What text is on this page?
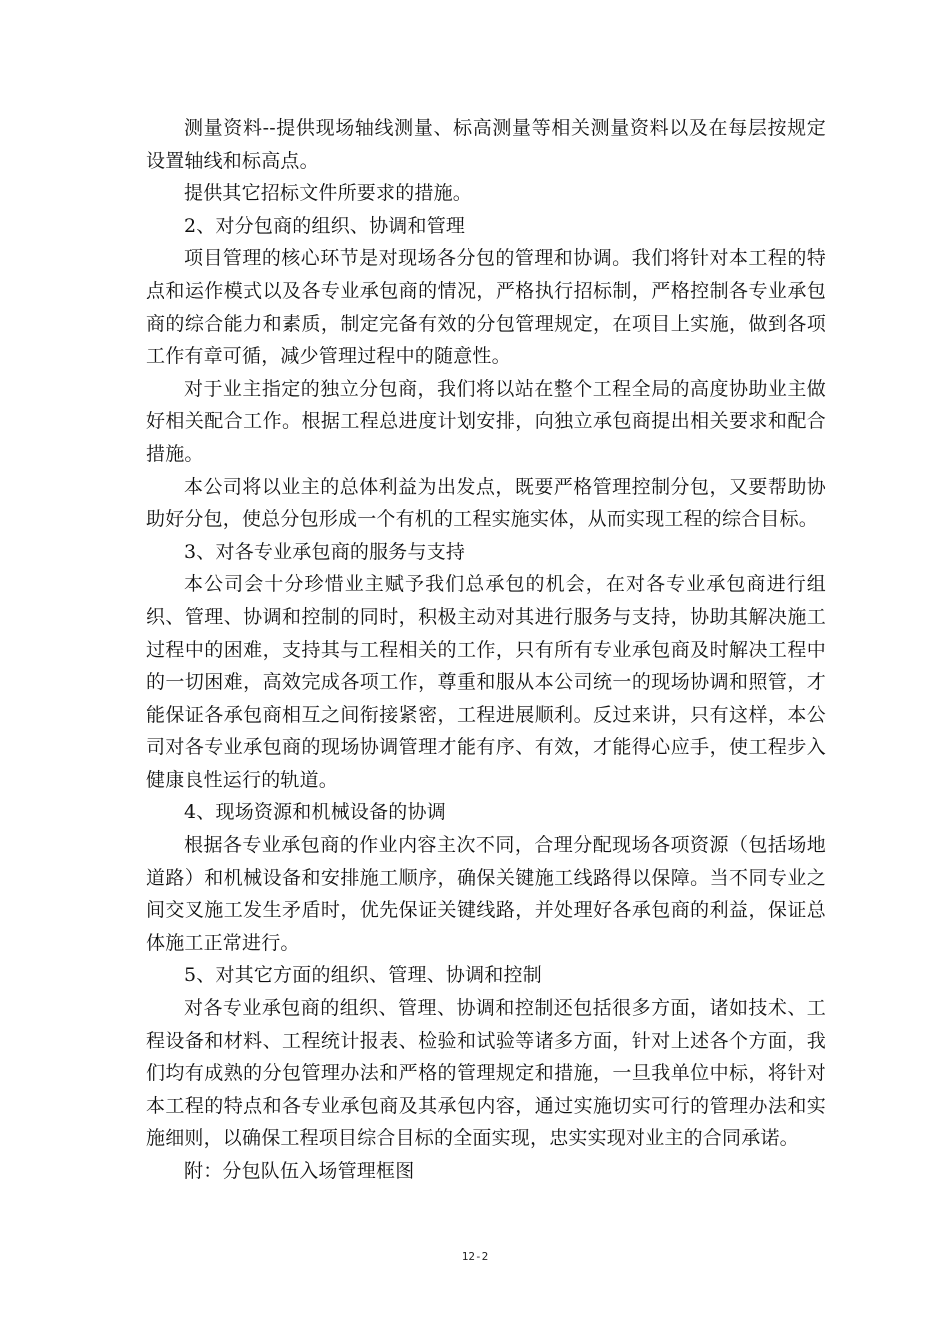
测量资料--提供现场轴线测量、标高测量等相关测量资料以及在每层按规定设置轴线和标高点。

提供其它招标文件所要求的措施。

2、对分包商的组织、协调和管理

项目管理的核心环节是对现场各分包的管理和协调。我们将针对本工程的特点和运作模式以及各专业承包商的情况，严格执行招标制，严格控制各专业承包商的综合能力和素质，制定完备有效的分包管理规定，在项目上实施，做到各项工作有章可循，减少管理过程中的随意性。

对于业主指定的独立分包商，我们将以站在整个工程全局的高度协助业主做好相关配合工作。根据工程总进度计划安排，向独立承包商提出相关要求和配合措施。

本公司将以业主的总体利益为出发点，既要严格管理控制分包，又要帮助协助好分包，使总分包形成一个有机的工程实施实体，从而实现工程的综合目标。

3、对各专业承包商的服务与支持

本公司会十分珍惜业主赋予我们总承包的机会，在对各专业承包商进行组织、管理、协调和控制的同时，积极主动对其进行服务与支持，协助其解决施工过程中的困难，支持其与工程相关的工作，只有所有专业承包商及时解决工程中的一切困难，高效完成各项工作，尊重和服从本公司统一的现场协调和照管，才能保证各承包商相互之间衔接紧密，工程进展顺利。反过来讲，只有这样，本公司对各专业承包商的现场协调管理才能有序、有效，才能得心应手，使工程步入健康良性运行的轨道。

4、现场资源和机械设备的协调

根据各专业承包商的作业内容主次不同，合理分配现场各项资源（包括场地道路）和机械设备和安排施工顺序，确保关键施工线路得以保障。当不同专业之间交叉施工发生矛盾时，优先保证关键线路，并处理好各承包商的利益，保证总体施工正常进行。

5、对其它方面的组织、管理、协调和控制

对各专业承包商的组织、管理、协调和控制还包括很多方面，诸如技术、工程设备和材料、工程统计报表、检验和试验等诸多方面，针对上述各个方面，我们均有成熟的分包管理办法和严格的管理规定和措施，一旦我单位中标，将针对本工程的特点和各专业承包商及其承包内容，通过实施切实可行的管理办法和实施细则，以确保工程项目综合目标的全面实现，忠实实现对业主的合同承诺。

附：分包队伍入场管理框图

12-2
